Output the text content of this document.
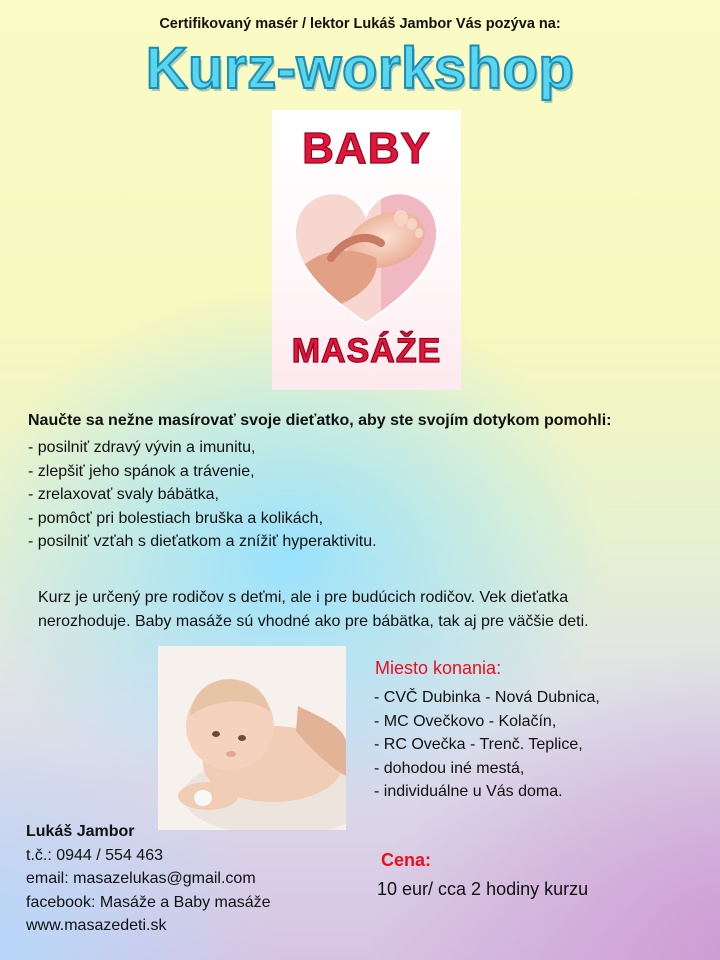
Certifikovaný masér / lektor Lukáš Jambor Vás pozýva na:
Kurz-workshop
BABY
MASÁŽE
Naučte sa nežne masírovať svoje dieťatko, aby ste svojím dotykom pomohli:
- posilniť zdravý vývin a imunitu,
- zlepšiť jeho spánok a trávenie,
- zrelaxovať svaly bábätka,
- pomôcť pri bolestiach bruška a kolikách,
- posilniť vzťah s dieťatkom a znížiť hyperaktivitu.
Kurz je určený pre rodičov s deťmi, ale i pre budúcich rodičov. Vek dieťatka
nerozhoduje. Baby masáže sú vhodné ako pre bábätka, tak aj pre väčšie deti.
Miesto konania:
- CVČ Dubinka - Nová Dubnica,
- MC Ovečkovo - Kolačín,
- RC Ovečka - Trenč. Teplice,
- dohodou iné mestá,
- individuálne u Vás doma.
Cena:
10 eur/ cca 2 hodiny kurzu
Lukáš Jambor
t.č.: 0944 / 554 463
email: masazelukas@gmail.com
facebook: Masáže a Baby masáže
www.masazedeti.sk
